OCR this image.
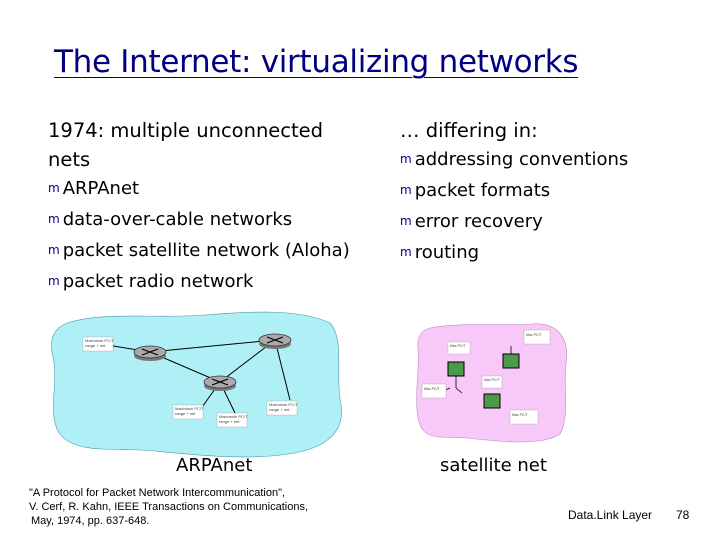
The Internet: virtualizing networks
1974: multiple unconnected
nets
m ARPAnet
m data-over-cable networks
m packet satellite network (Aloha)
m packet radio network
… differing in:
m addressing conventions
m packet formats
m error recovery
m routing
Macintosh PC/T
range + net
Macintosh PC/T
range + net
Macintosh PC/T
range + net
Macintosh PC/T
range + net
Mac PC/T
Mac PC/T
Mac PC/T
Mac PC/T
Mac PC/T
ARPAnet	satellite net
"A Protocol for Packet Network Intercommunication",
V. Cerf, R. Kahn, IEEE Transactions on Communications,
May, 1974, pp. 637-648.	Data.Link Layer 78
